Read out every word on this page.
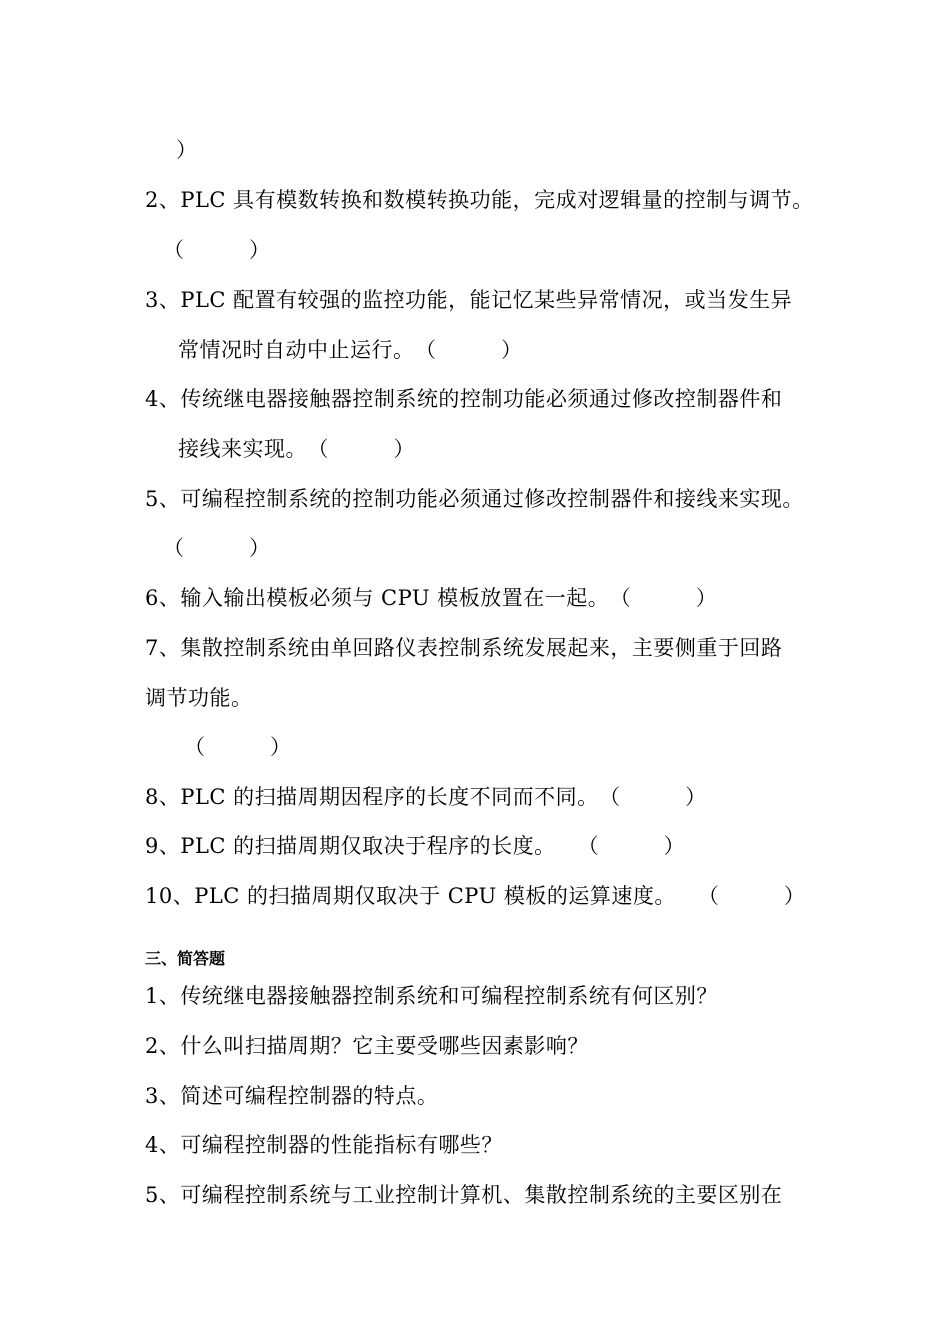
）
2、PLC 具有模数转换和数模转换功能，完成对逻辑量的控制与调节。
（　　　）
3、PLC 配置有较强的监控功能，能记忆某些异常情况，或当发生异
常情况时自动中止运行。　（　　　）
4、传统继电器接触器控制系统的控制功能必须通过修改控制器件和
接线来实现。　（　　　）
5、可编程控制系统的控制功能必须通过修改控制器件和接线来实现。
（　　　）
6、输入输出模板必须与 CPU 模板放置在一起。　（　　　）
7、集散控制系统由单回路仪表控制系统发展起来，主要侧重于回路
调节功能。
（　　　）
8、PLC 的扫描周期因程序的长度不同而不同。　（　　　）
9、PLC 的扫描周期仅取决于程序的长度。　　（　　　）
10、PLC 的扫描周期仅取决于 CPU 模板的运算速度。　　（　　　）
三、简答题
1、传统继电器接触器控制系统和可编程控制系统有何区别？
2、什么叫扫描周期？它主要受哪些因素影响？
3、简述可编程控制器的特点。
4、可编程控制器的性能指标有哪些？
5、可编程控制系统与工业控制计算机、集散控制系统的主要区别在
